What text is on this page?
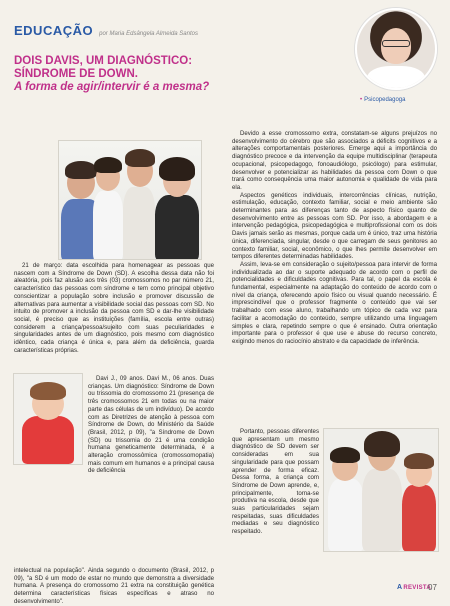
EDUCAÇÃO por Maria Edsângela Almeida Santos
DOIS DAVIS, UM DIAGNÓSTICO:
SÍNDROME DE DOWN.
A forma de agir/intervir é a mesma?
• Psicopedagoga

21 de março: data escolhida para homenagear as pessoas que nascem com a Síndrome de Down (SD). A escolha dessa data não foi aleatória, pois faz alusão aos três (03) cromossomos no par número 21, característico das pessoas com síndrome e tem como principal objetivo conscientizar a população sobre inclusão e promover discussão de alternativas para aumentar a visibilidade social das pessoas com SD. No intuito de promover a inclusão da pessoa com SD e dar-lhe visibilidade social, é preciso que as instituições (família, escola entre outras) considerem a criança/pessoa/sujeito com suas peculiaridades e singularidades antes de um diagnóstico, pois mesmo com diagnóstico idêntico, cada criança é única e, para além da deficiência, guarda características próprias.

Davi J., 09 anos. Davi M., 06 anos. Duas crianças. Um diagnóstico: Síndrome de Down ou trissomia do cromossomo 21 (presença de três cromossomos 21 em todas ou na maior parte das células de um indivíduo). De acordo com as Diretrizes de atenção à pessoa com Síndrome de Down, do Ministério da Saúde (Brasil, 2012, p 09), "a Síndrome de Down (SD) ou trissomia do 21 é uma condição humana geneticamente determinada, é a alteração cromossômica (cromossomopatia) mais comum em humanos e a principal causa de deficiência

intelectual na população". Ainda segundo o documento (Brasil, 2012, p 09), "a SD é um modo de estar no mundo que demonstra a diversidade humana. A presença do cromossomo 21 extra na constituição genética determina características físicas específicas e atraso no desenvolvimento".

Devido a esse cromossomo extra, constatam-se alguns prejuízos no desenvolvimento do cérebro que são associados a déficits cognitivos e a alterações comportamentais posteriores. Emerge aqui a importância do diagnóstico precoce e da intervenção da equipe multidisciplinar (terapeuta ocupacional, psicopedagogo, fonoaudiólogo, psicólogo) para estimular, desenvolver e potencializar as habilidades da pessoa com Down o que trará como consequência uma maior autonomia e qualidade de vida para ela.

Aspectos genéticos individuais, intercorrências clínicas, nutrição, estimulação, educação, contexto familiar, social e meio ambiente são determinantes para as diferenças tanto de aspecto físico quanto de desenvolvimento entre as pessoas com SD. Por isso, a abordagem e a intervenção pedagógica, psicopedagógica e multiprofissional com os dois Davis jamais serão as mesmas, porque cada um é único, traz uma história única, diferenciada, singular, desde o que carregam de seus genitores ao contexto familiar, social, econômico, o que lhes permite desenvolver em tempos diferentes determinadas habilidades.

Assim, leva-se em consideração o sujeito/pessoa para intervir de forma individualizada ao dar o suporte adequado de acordo com o perfil de potencialidades e dificuldades cognitivas. Para tal, o papel da escola é fundamental, especialmente na adaptação do conteúdo de acordo com o nível da criança, oferecendo apoio físico ou visual quando necessário. É imprescindível que o professor fragmente o conteúdo que vai ser trabalhado com esse aluno, trabalhando um tópico de cada vez para facilitar a acomodação do conteúdo, sempre utilizando uma linguagem simples e clara, repetindo sempre o que é ensinado. Outra orientação importante para o professor é que use e abuse do recurso concreto, exigindo menos do raciocínio abstrato e da capacidade de inferência.

Portanto, pessoas diferentes que apresentam um mesmo diagnóstico de SD devem ser consideradas em sua singularidade para que possam aprender de forma eficaz. Dessa forma, a criança com Síndrome de Down aprende, e, principalmente, torna-se produtiva na escola, desde que suas particularidades sejam respeitadas, suas dificuldades mediadas e seu diagnóstico respeitado.

A REVISTA
07
